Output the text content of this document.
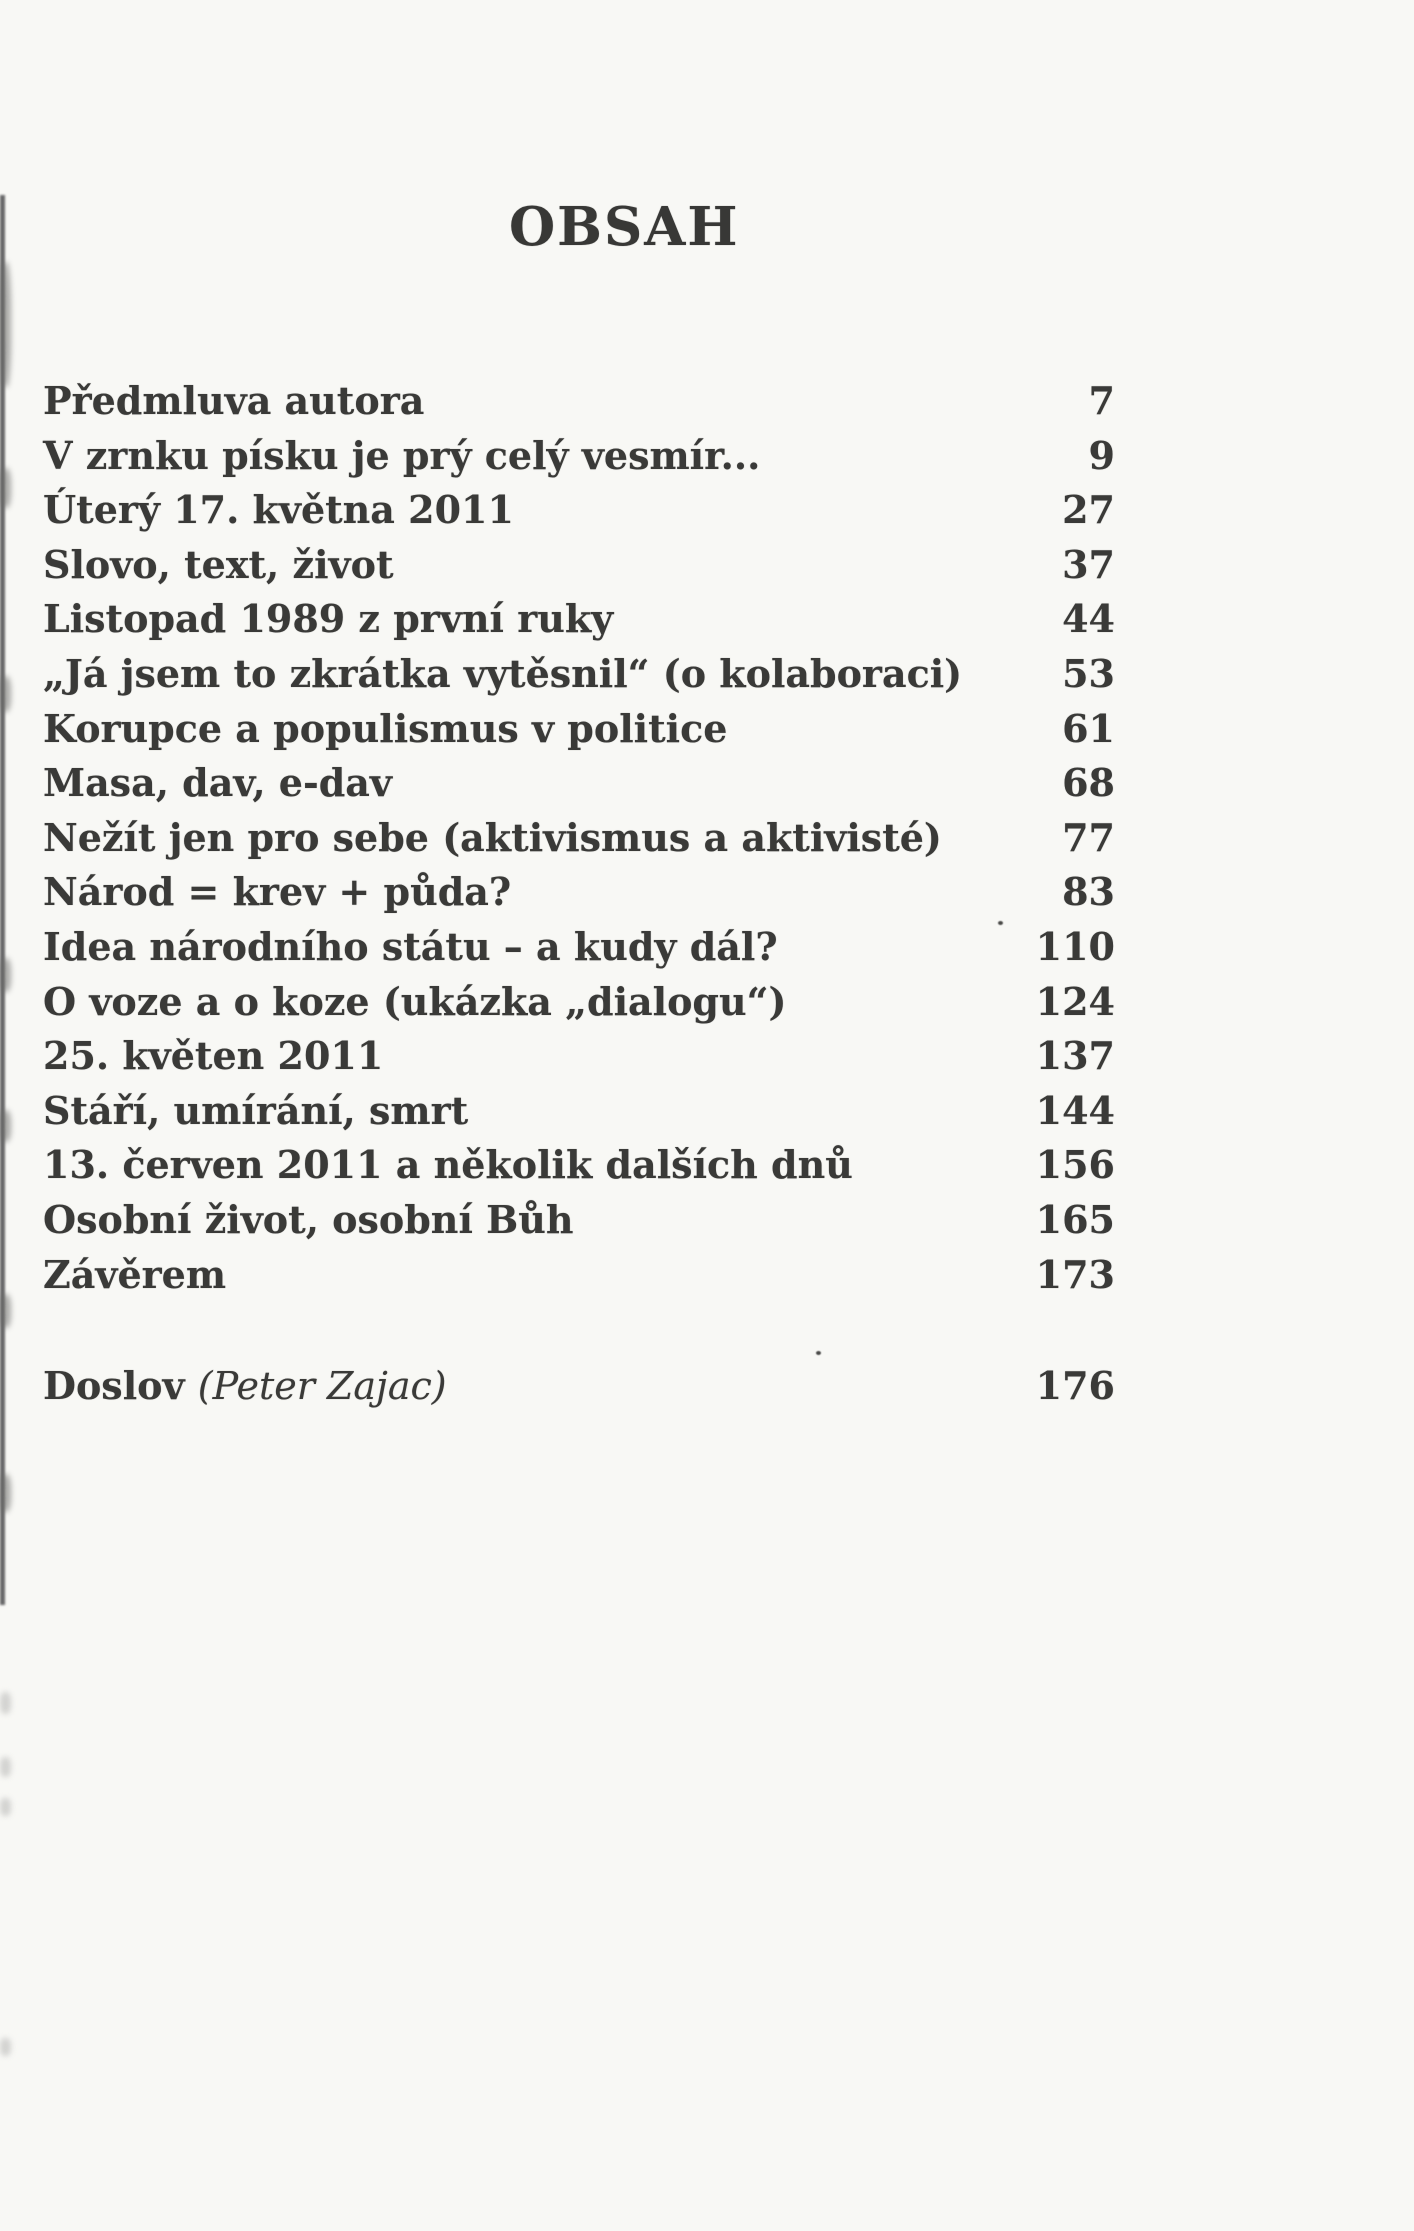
OBSAH
Předmluva autora	7
V zrnku písku je prý celý vesmír...	9
Úterý 17. května 2011	27
Slovo, text, život	37
Listopad 1989 z první ruky	44
„Já jsem to zkrátka vytěsnil“ (o kolaboraci)	53
Korupce a populismus v politice	61
Masa, dav, e-dav	68
Nežít jen pro sebe (aktivismus a aktivisté)	77
Národ = krev + půda?	83
Idea národního státu – a kudy dál?	110
O voze a o koze (ukázka „dialogu“)	124
25. květen 2011	137
Stáří, umírání, smrt	144
13. červen 2011 a několik dalších dnů	156
Osobní život, osobní Bůh	165
Závěrem	173
Doslov (Peter Zajac)	176
